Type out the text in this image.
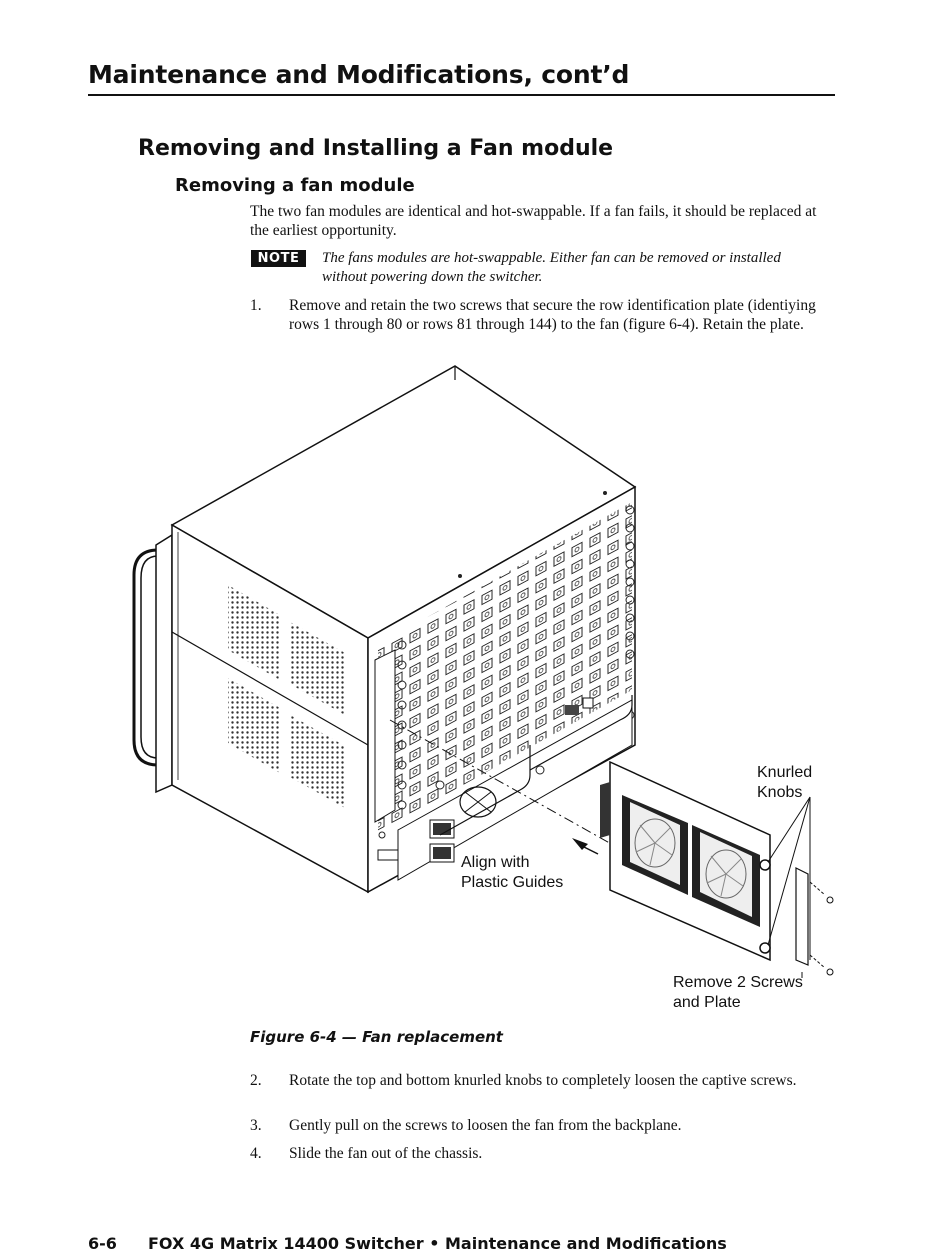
Maintenance and Modifications, cont’d
Removing and Installing a Fan module
Removing a fan module
The two fan modules are identical and hot-swappable. If a fan fails, it should be replaced at the earliest opportunity.
NOTE	The fans modules are hot-swappable. Either fan can be removed or installed without powering down the switcher.
1. Remove and retain the two screws that secure the row identification plate (identiying rows 1 through 80 or rows 81 through 144) to the fan (figure 6-4). Retain the plate.
Knurled
Knobs
Align with
Plastic Guides
Remove 2 Screws
and Plate
Figure 6-4 — Fan replacement
2. Rotate the top and bottom knurled knobs to completely loosen the captive screws.
3. Gently pull on the screws to loosen the fan from the backplane.
4. Slide the fan out of the chassis.
6-6 FOX 4G Matrix 14400 Switcher • Maintenance and Modifications
